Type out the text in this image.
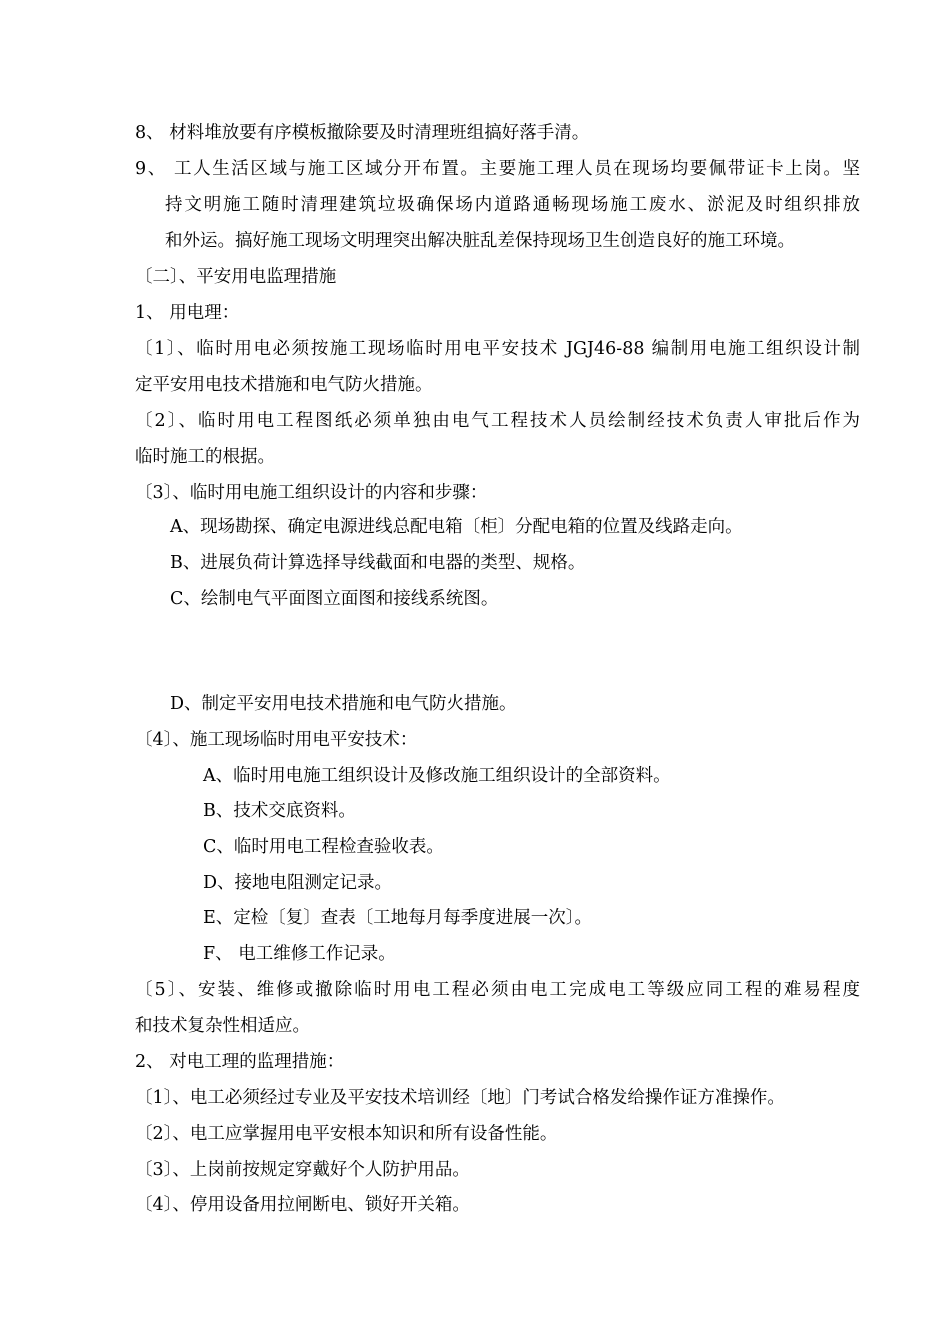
8、 材料堆放要有序模板撤除要及时清理班组搞好落手清。
9、 工人生活区域与施工区域分开布置。主要施工理人员在现场均要佩带证卡上岗。坚
持文明施工随时清理建筑垃圾确保场内道路通畅现场施工废水、淤泥及时组织排放
和外运。搞好施工现场文明理突出解决脏乱差保持现场卫生创造良好的施工环境。
〔二〕、平安用电监理措施
1、 用电理：
〔1〕、临时用电必须按施工现场临时用电平安技术 JGJ46-88 编制用电施工组织设计制
定平安用电技术措施和电气防火措施。
〔2〕、临时用电工程图纸必须单独由电气工程技术人员绘制经技术负责人审批后作为
临时施工的根据。
〔3〕、临时用电施工组织设计的内容和步骤：
A、现场勘探、确定电源进线总配电箱〔柜〕分配电箱的位置及线路走向。
B、进展负荷计算选择导线截面和电器的类型、规格。
C、绘制电气平面图立面图和接线系统图。
D、制定平安用电技术措施和电气防火措施。
〔4〕、施工现场临时用电平安技术：
A、临时用电施工组织设计及修改施工组织设计的全部资料。
B、技术交底资料。
C、临时用电工程检查验收表。
D、接地电阻测定记录。
E、定检〔复〕查表〔工地每月每季度进展一次〕。
F、 电工维修工作记录。
〔5〕、安装、维修或撤除临时用电工程必须由电工完成电工等级应同工程的难易程度
和技术复杂性相适应。
2、 对电工理的监理措施：
〔1〕、电工必须经过专业及平安技术培训经〔地〕门考试合格发给操作证方准操作。
〔2〕、电工应掌握用电平安根本知识和所有设备性能。
〔3〕、上岗前按规定穿戴好个人防护用品。
〔4〕、停用设备用拉闸断电、锁好开关箱。
